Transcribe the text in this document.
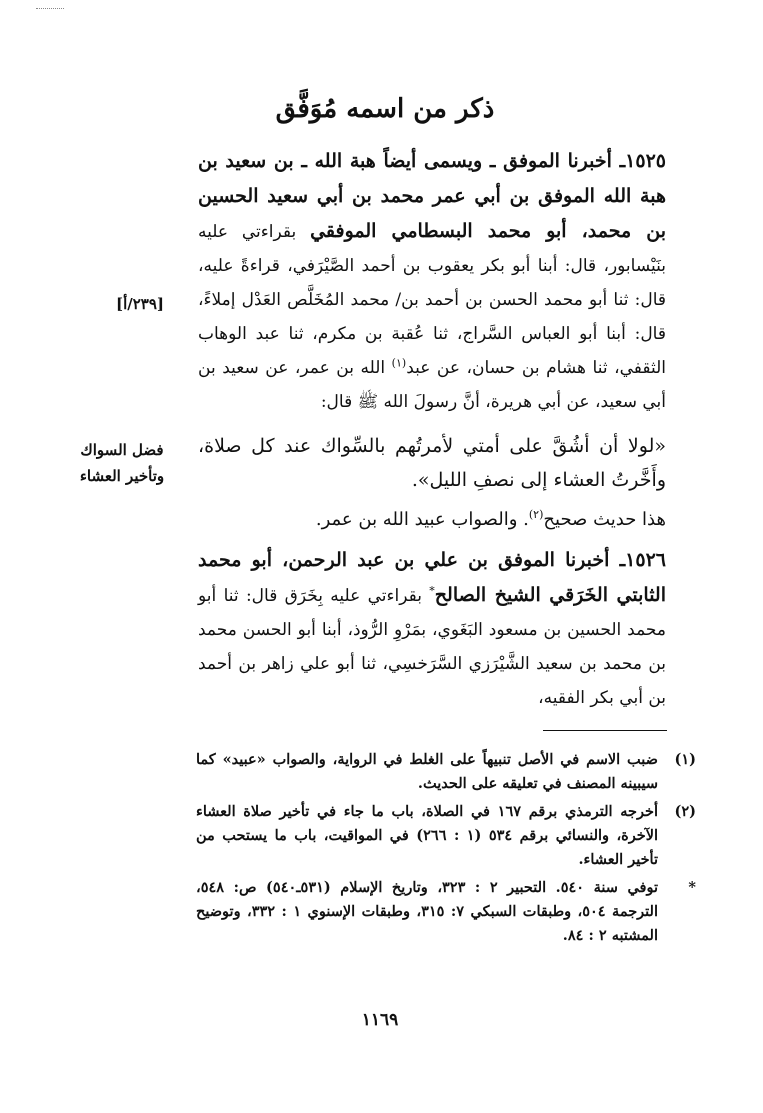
ذكر من اسمه مُوَفَّق

١٥٢٥ـ أخبرنا الموفق ـ ويسمى أيضاً هبة الله ـ بن سعيد بن هبة الله الموفق بن أبي عمر محمد بن أبي سعيد الحسين بن محمد، أبو محمد البسطامي الموفقي بقراءتي عليه بنَيْسابور، قال: أبنا أبو بكر يعقوب بن أحمد الصَّيْرَفي، قراءةً عليه، قال: ثنا أبو محمد الحسن بن أحمد بن/ محمد المُخَلَّص العَدْل إملاءً، قال: أبنا أبو العباس السَّراج، ثنا عُقبة بن مكرم، ثنا عبد الوهاب الثقفي، ثنا هشام بن حسان، عن عبد$^{(١)}$ الله بن عمر، عن سعيد بن أبي سعيد، عن أبي هريرة، أنَّ رسولَ الله ﷺ قال:

«لولا أن أشُقَّ على أمتي لأمرتُهم بالسِّواك عند كل صلاة، وأَخَّرتُ العشاء إلى نصفِ الليل».

هذا حديث صحيح$^{(٢)}$. والصواب عبيد الله بن عمر.

١٥٢٦ـ أخبرنا الموفق بن علي بن عبد الرحمن، أبو محمد الثابتي الخَرَقي الشيخ الصالح* بقراءتي عليه بِخَرَق قال: ثنا أبو محمد الحسين بن مسعود البَغَوي، بمَرْوِ الرُّوذ، أبنا أبو الحسن محمد بن محمد بن سعيد الشَّيْرَزي السَّرَخسِي، ثنا أبو علي زاهر بن أحمد بن أبي بكر الفقيه،

[٢٣٩/أ]
فضل السواك وتأخير العشاء
(١)
ضبب الاسم في الأصل تنبيهاً على الغلط في الرواية، والصواب «عبيد» كما سيبينه المصنف في تعليقه على الحديث.
(٢)
أخرجه الترمذي برقم ١٦٧ في الصلاة، باب ما جاء في تأخير صلاة العشاء الآخرة، والنسائي برقم ٥٣٤ (١ : ٢٦٦) في المواقيت، باب ما يستحب من تأخير العشاء.
*
توفي سنة ٥٤٠. التحبير ٢ : ٣٢٣، وتاريخ الإسلام (٥٣١ـ٥٤٠) ص: ٥٤٨، الترجمة ٥٠٤، وطبقات السبكي ٧: ٣١٥، وطبقات الإسنوي ١ : ٣٣٢، وتوضيح المشتبه ٢ : ٨٤.
١١٦٩
